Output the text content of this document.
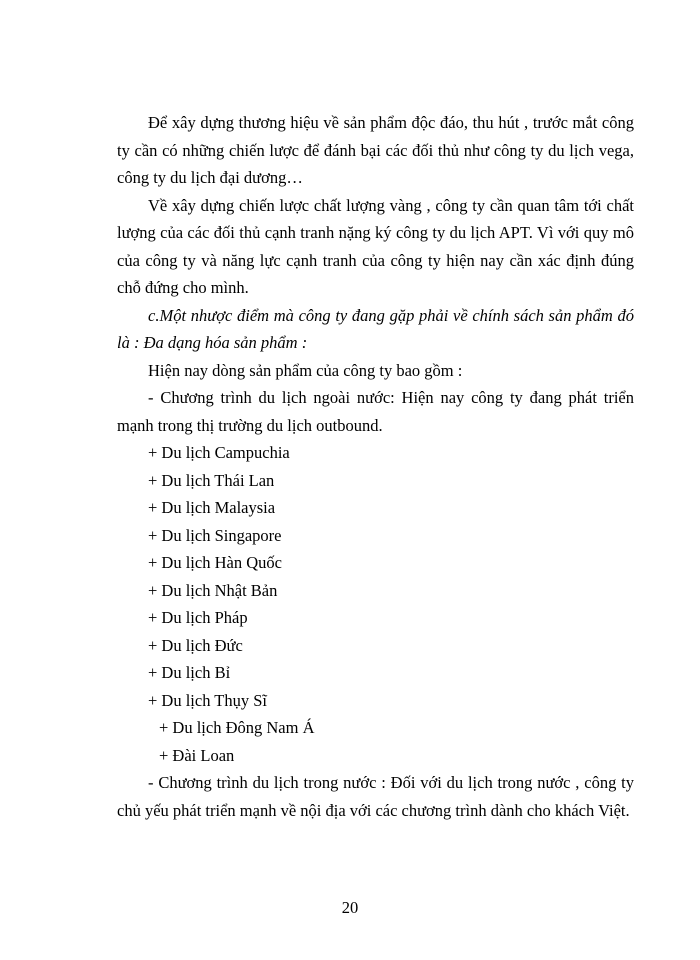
Để xây dựng thương hiệu về sản phẩm độc đáo, thu hút , trước mắt công ty cần có những chiến lược để đánh bại các đối thủ như công ty du lịch vega, công ty du lịch đại dương…

Về xây dựng chiến lược chất lượng vàng , công ty cần quan tâm tới chất lượng của các đối thủ cạnh tranh nặng ký công ty du lịch APT. Vì với quy mô của công ty và năng lực cạnh tranh của công ty hiện nay cần xác định đúng chỗ đứng cho mình.

c.Một nhược điểm mà công ty đang gặp phải về chính sách sản phẩm đó là : Đa dạng hóa sản phẩm :

Hiện nay dòng sản phẩm của công ty bao gồm :

- Chương trình du lịch ngoài nước: Hiện nay công ty đang phát triển mạnh trong thị trường du lịch outbound.

+ Du lịch Campuchia
+ Du lịch Thái Lan
+ Du lịch Malaysia
+ Du lịch Singapore
+ Du lịch Hàn Quốc
+ Du lịch Nhật Bản
+ Du lịch Pháp
+ Du lịch Đức
+ Du lịch Bỉ
+ Du lịch Thụy Sĩ
+ Du lịch Đông Nam Á
+ Đài Loan

- Chương trình du lịch trong nước : Đối với du lịch trong nước , công ty chủ yếu phát triển mạnh về nội địa với các chương trình dành cho khách Việt.

20
